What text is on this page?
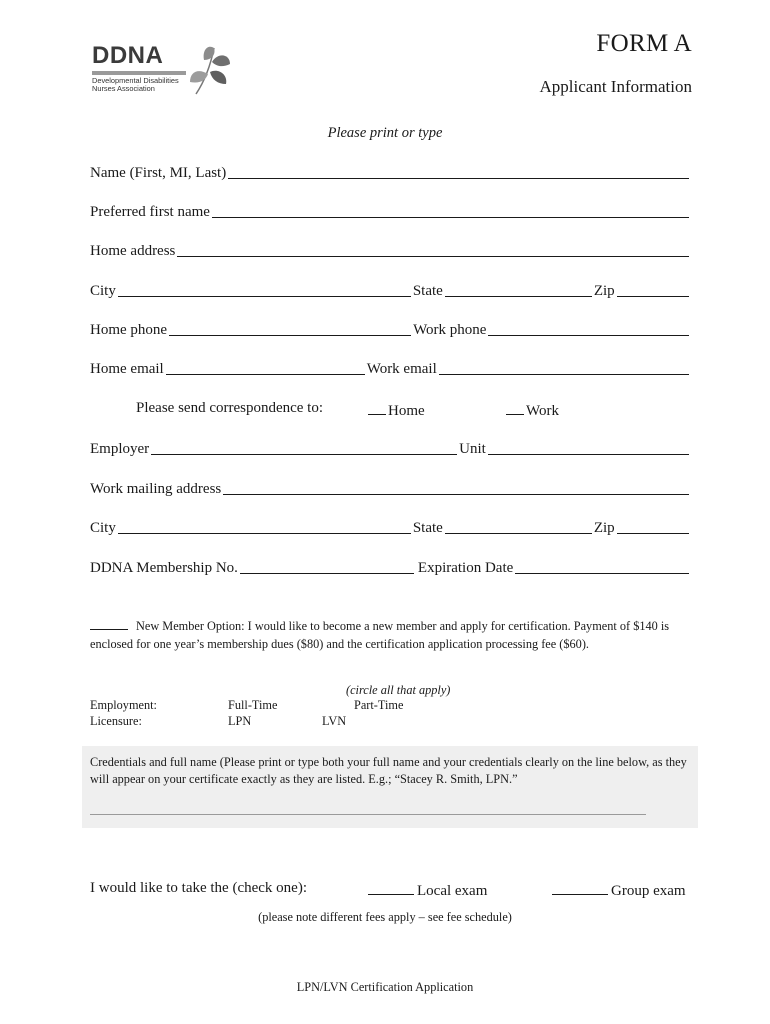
DDNA
Developmental Disabilities
Nurses Association
FORM A
Applicant Information
Please print or type
Name (First, MI, Last)
Preferred first name
Home address
City	State	Zip
Home phone	Work phone
Home email	Work email
Please send correspondence to:	Home	Work
Employer	Unit
Work mailing address
City	State	Zip
DDNA Membership No.	Expiration Date
New Member Option: I would like to become a new member and apply for certification. Payment of $140 is
enclosed for one year’s membership dues ($80) and the certification application processing fee ($60).
(circle all that apply)
Employment:	Full-Time	Part-Time
Licensure:	LPN	LVN
Credentials and full name (Please print or type both your full name and your credentials clearly on the line below, as they
will appear on your certificate exactly as they are listed. E.g.; “Stacey R. Smith, LPN.”
I would like to take the (check one):	Local exam	Group exam
(please note different fees apply – see fee schedule)
LPN/LVN Certification Application
